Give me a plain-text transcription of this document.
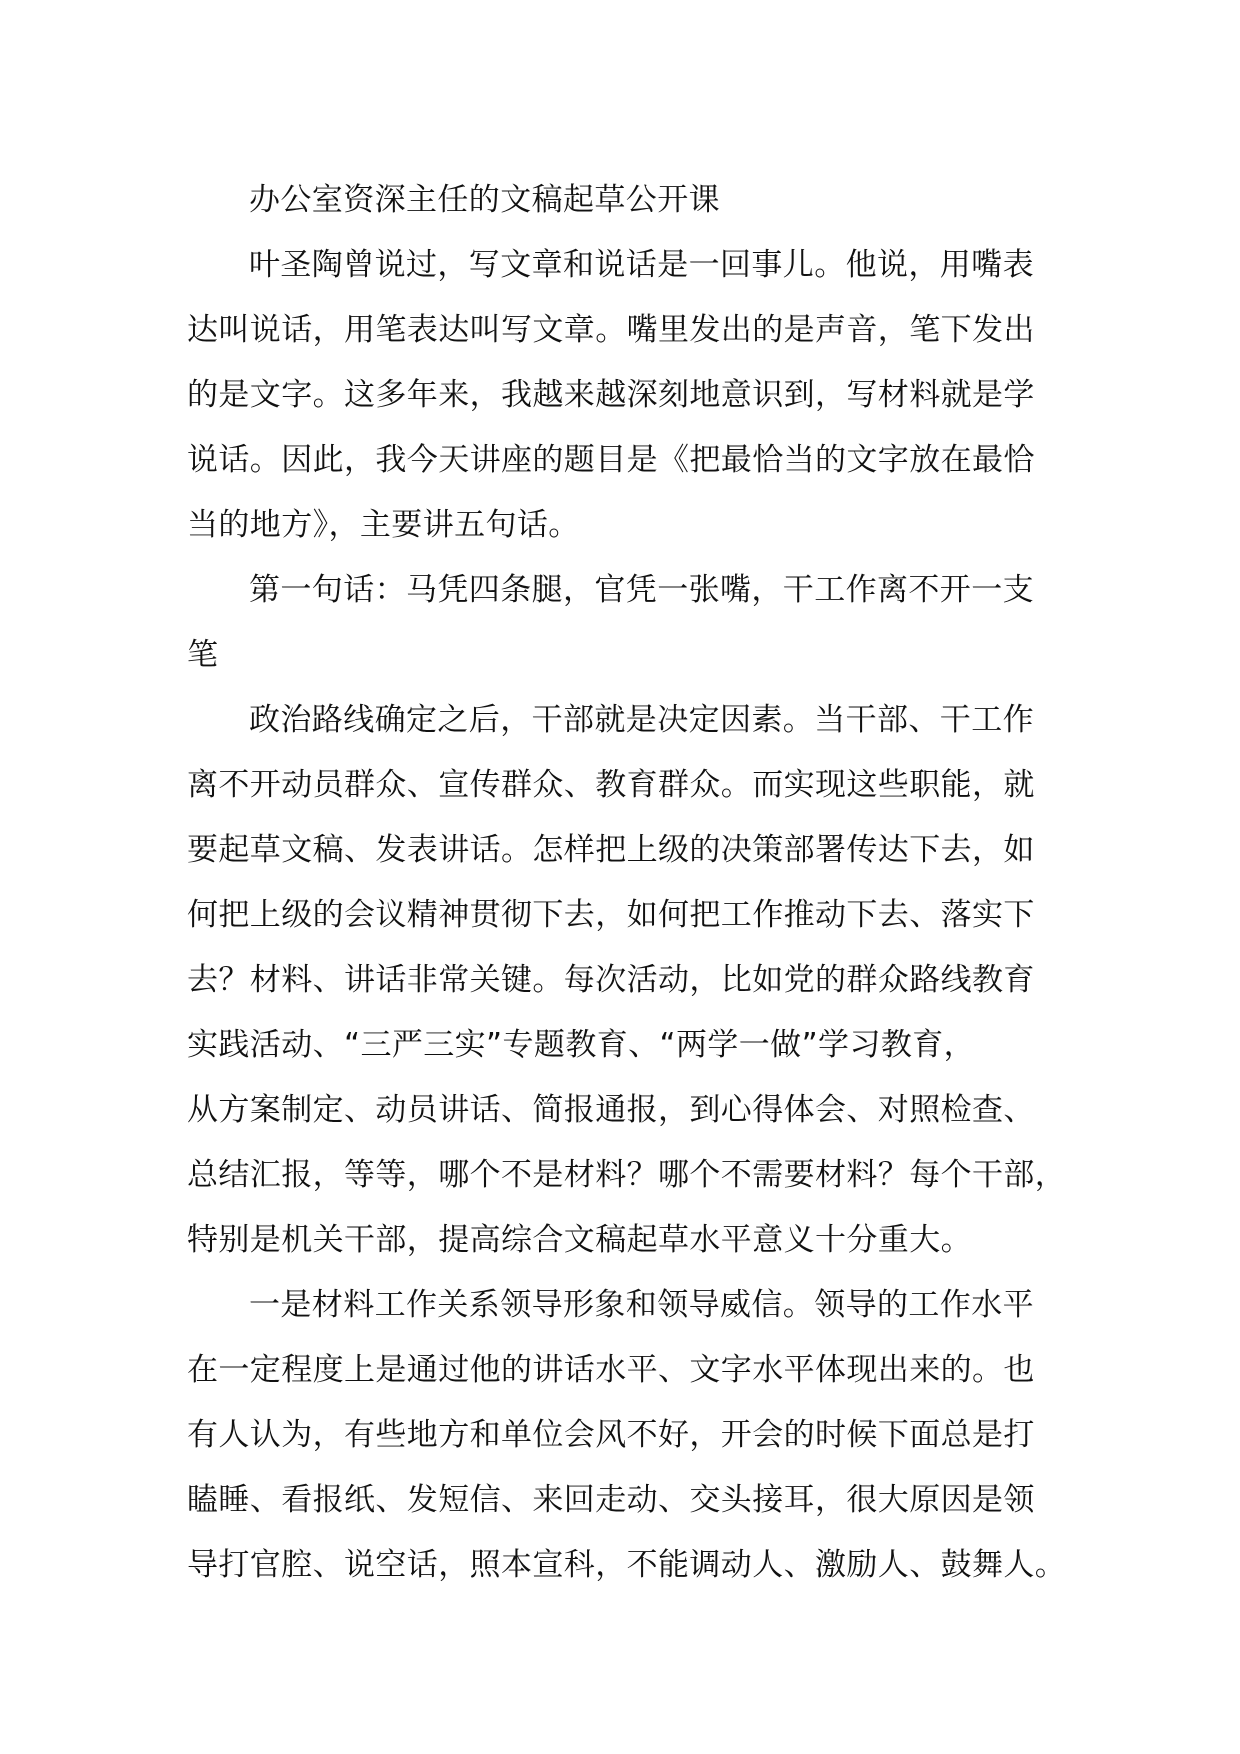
办公室资深主任的文稿起草公开课
叶圣陶曾说过，写文章和说话是一回事儿。他说，用嘴表
达叫说话，用笔表达叫写文章。嘴里发出的是声音，笔下发出
的是文字。这多年来，我越来越深刻地意识到，写材料就是学
说话。因此，我今天讲座的题目是《把最恰当的文字放在最恰
当的地方》，主要讲五句话。
第一句话：马凭四条腿，官凭一张嘴，干工作离不开一支
笔
政治路线确定之后，干部就是决定因素。当干部、干工作
离不开动员群众、宣传群众、教育群众。而实现这些职能，就
要起草文稿、发表讲话。怎样把上级的决策部署传达下去，如
何把上级的会议精神贯彻下去，如何把工作推动下去、落实下
去？材料、讲话非常关键。每次活动，比如党的群众路线教育
实践活动、“三严三实”专题教育、“两学一做”学习教育，
从方案制定、动员讲话、简报通报，到心得体会、对照检查、
总结汇报，等等，哪个不是材料？哪个不需要材料？每个干部，
特别是机关干部，提高综合文稿起草水平意义十分重大。
一是材料工作关系领导形象和领导威信。领导的工作水平
在一定程度上是通过他的讲话水平、文字水平体现出来的。也
有人认为，有些地方和单位会风不好，开会的时候下面总是打
瞌睡、看报纸、发短信、来回走动、交头接耳，很大原因是领
导打官腔、说空话，照本宣科，不能调动人、激励人、鼓舞人。
